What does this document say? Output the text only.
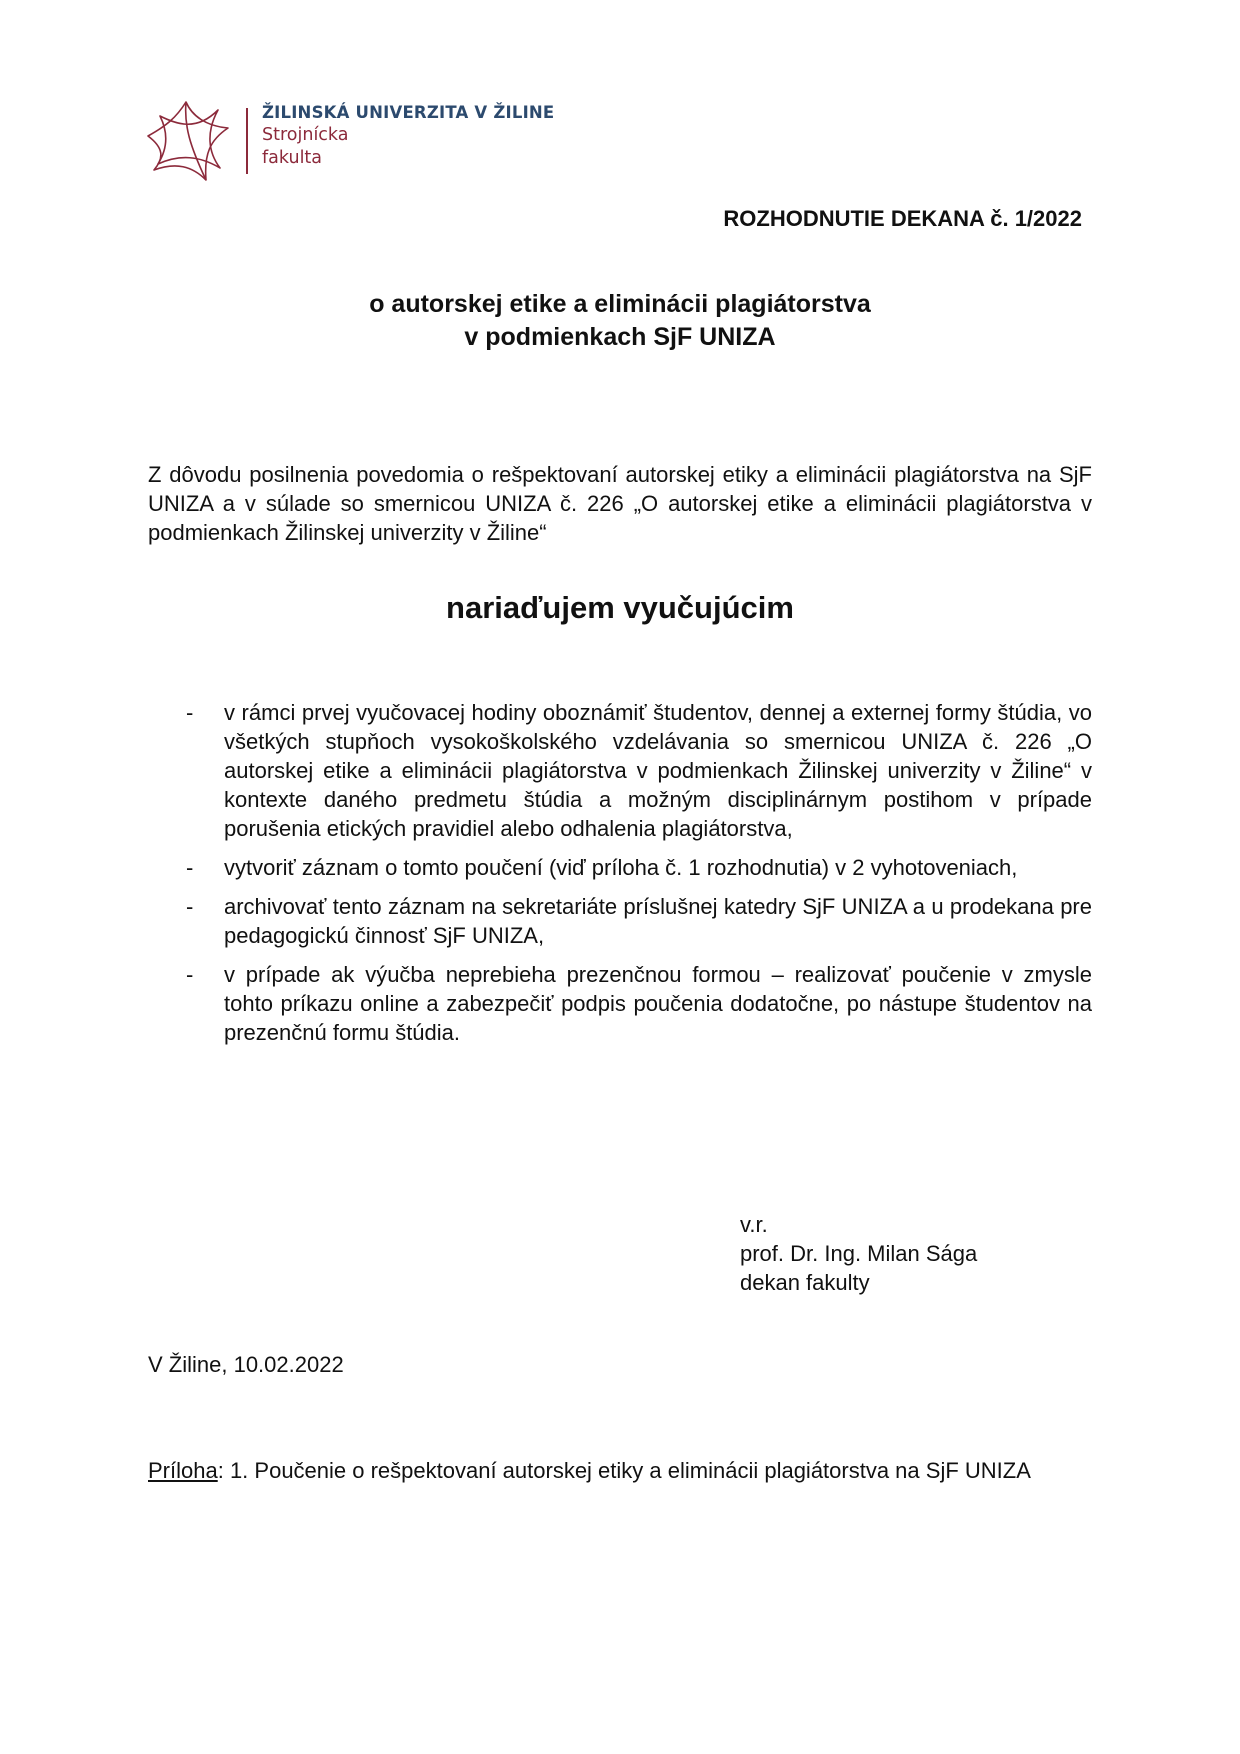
ŽILINSKÁ UNIVERZITA V ŽILINE
Strojnícka
fakulta
ROZHODNUTIE DEKANA č. 1/2022
o autorskej etike a eliminácii plagiátorstva
v podmienkach SjF UNIZA
Z dôvodu posilnenia povedomia o rešpektovaní autorskej etiky a eliminácii plagiátorstva na SjF UNIZA a v súlade so smernicou UNIZA č. 226 „O autorskej etike a eliminácii plagiátorstva v podmienkach Žilinskej univerzity v Žiline“
nariaďujem vyučujúcim
- v rámci prvej vyučovacej hodiny oboznámiť študentov, dennej a externej formy štúdia, vo všetkých stupňoch vysokoškolského vzdelávania so smernicou UNIZA č. 226 „O autorskej etike a eliminácii plagiátorstva v podmienkach Žilinskej univerzity v Žiline“ v kontexte daného predmetu štúdia a možným disciplinárnym postihom v prípade porušenia etických pravidiel alebo odhalenia plagiátorstva,
- vytvoriť záznam o tomto poučení (viď príloha č. 1 rozhodnutia) v 2 vyhotoveniach,
- archivovať tento záznam na sekretariáte príslušnej katedry SjF UNIZA a u prodekana pre pedagogickú činnosť SjF UNIZA,
- v prípade ak výučba neprebieha prezenčnou formou – realizovať poučenie v zmysle tohto príkazu online a zabezpečiť podpis poučenia dodatočne, po nástupe študentov na prezenčnú formu štúdia.
v.r.
prof. Dr. Ing. Milan Sága
dekan fakulty
V Žiline, 10.02.2022
Príloha: 1. Poučenie o rešpektovaní autorskej etiky a eliminácii plagiátorstva na SjF UNIZA
